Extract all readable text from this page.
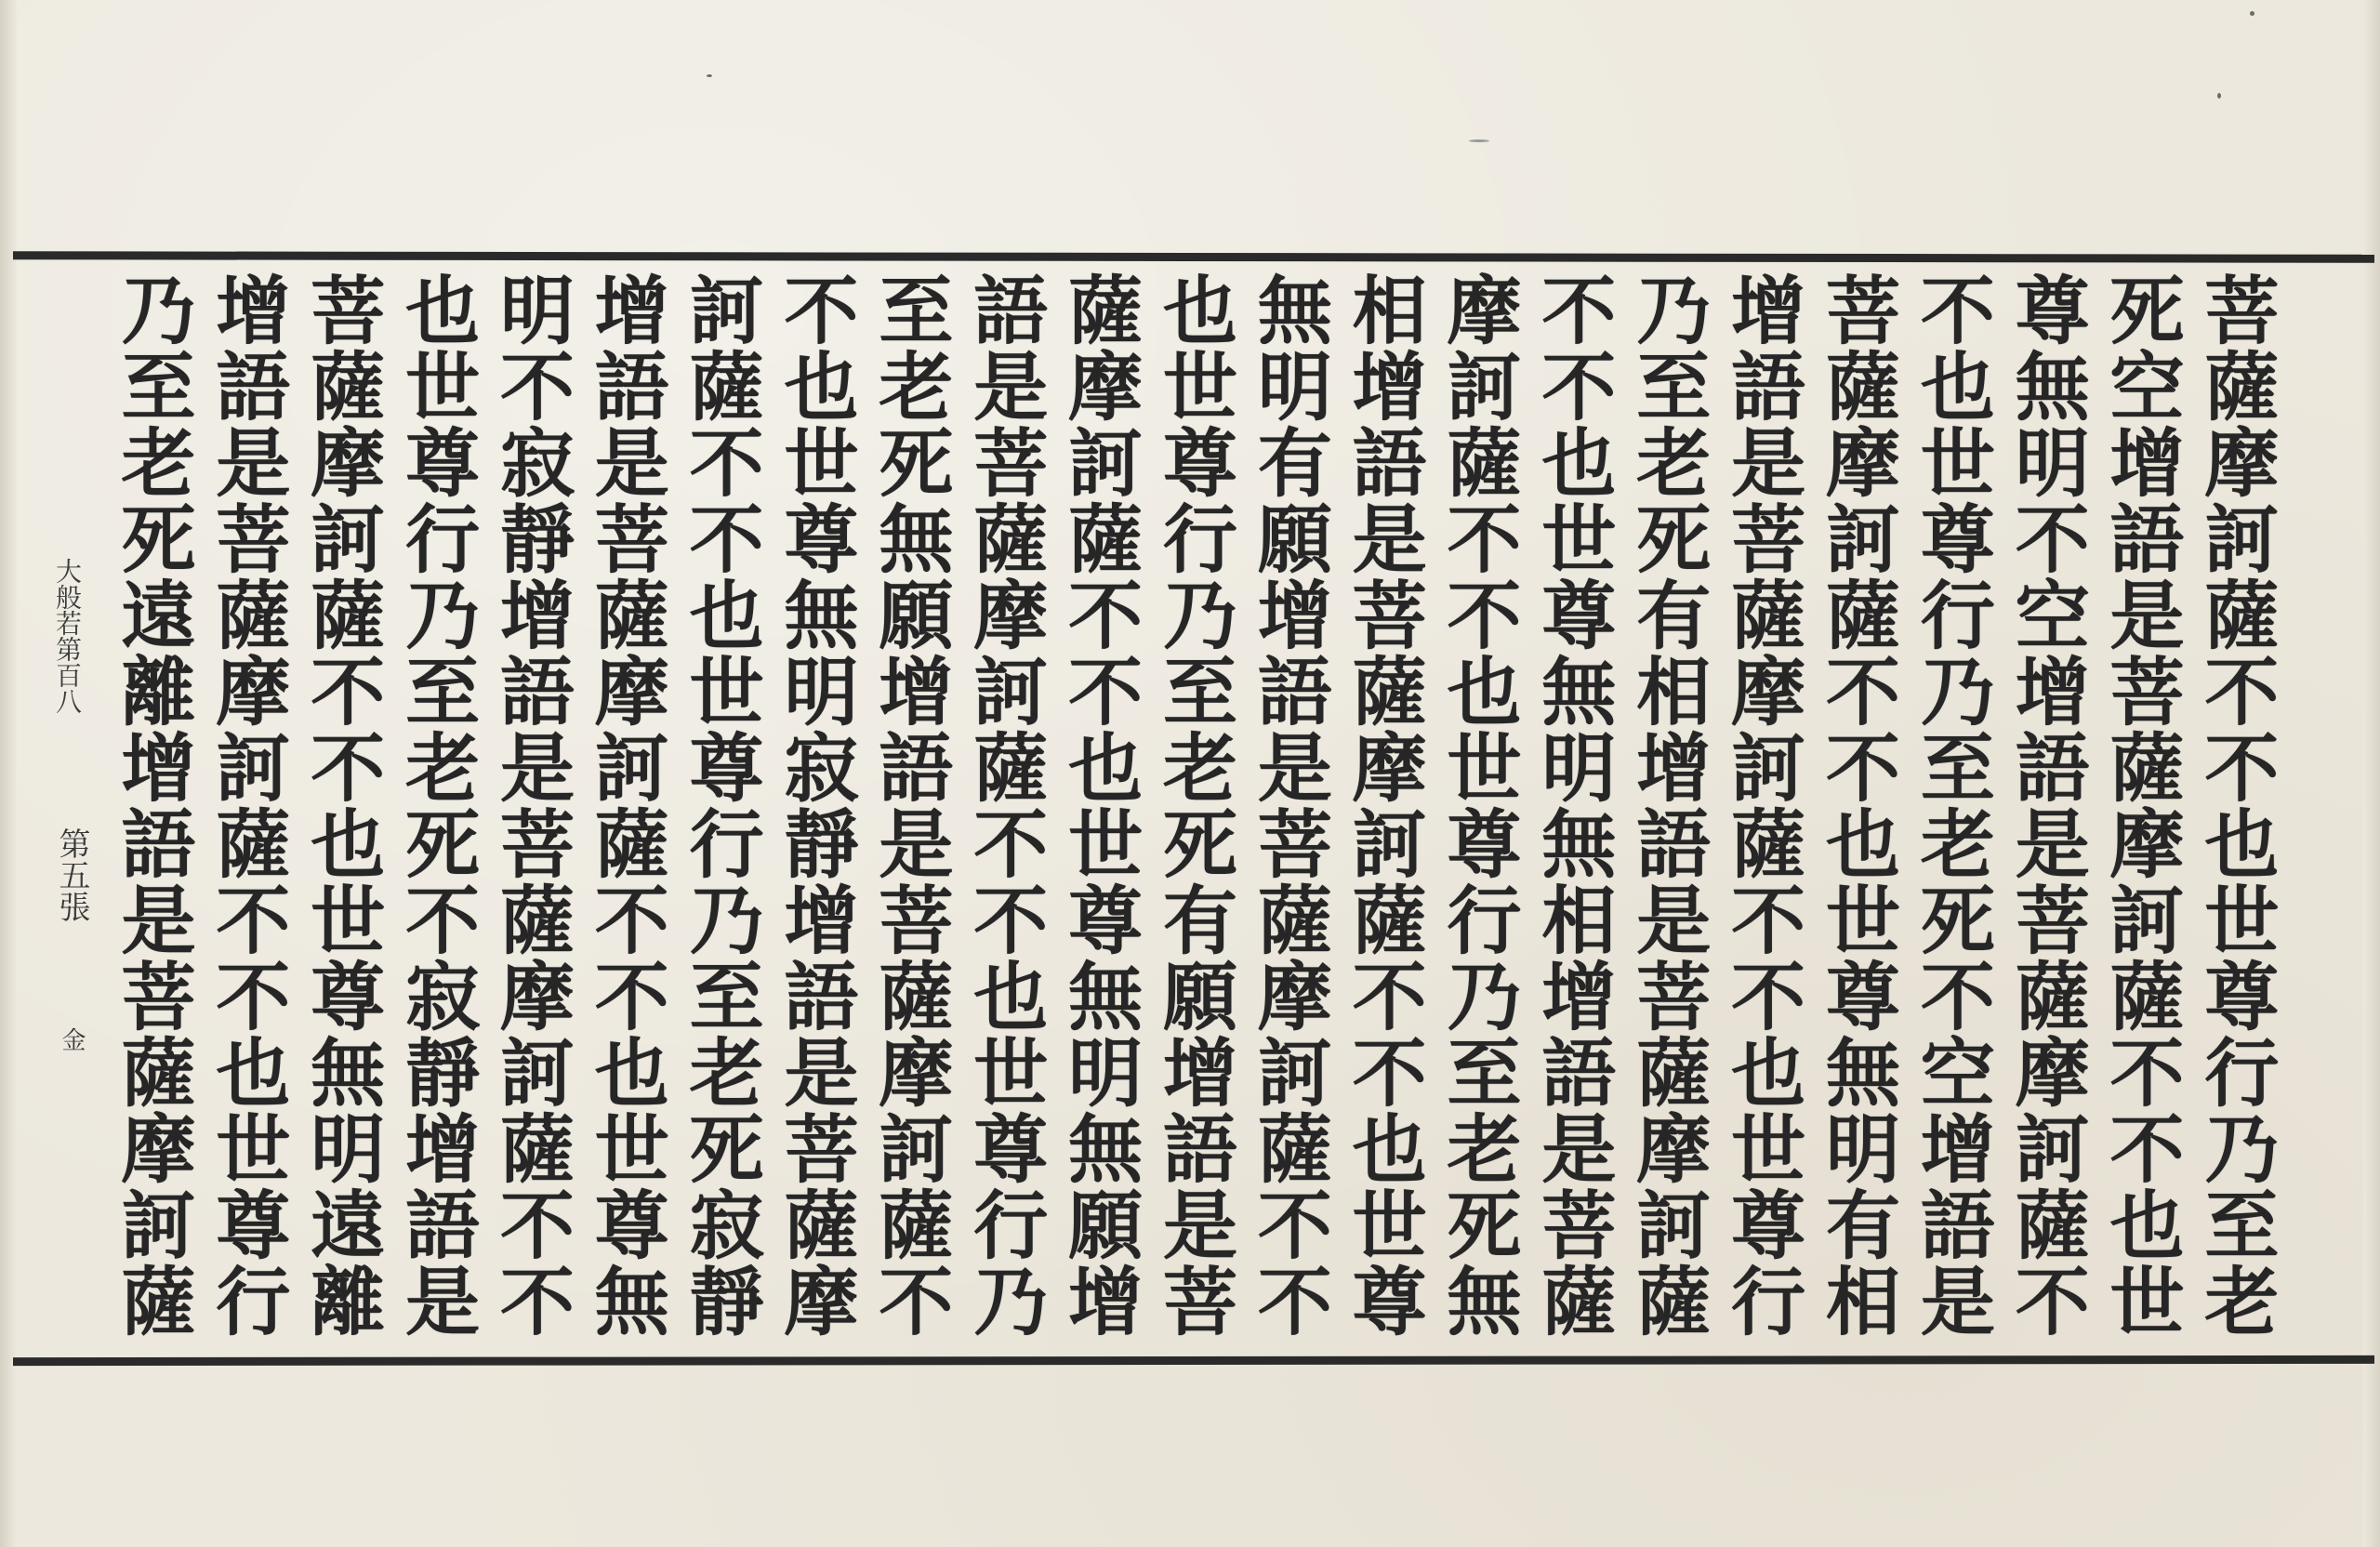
菩薩摩訶薩不不也世尊行乃至老
死空增語是菩薩摩訶薩不不也世
尊無明不空增語是菩薩摩訶薩不
不也世尊行乃至老死不空增語是
菩薩摩訶薩不不也世尊無明有相
增語是菩薩摩訶薩不不也世尊行
乃至老死有相增語是菩薩摩訶薩
不不也世尊無明無相增語是菩薩
摩訶薩不不也世尊行乃至老死無
相增語是菩薩摩訶薩不不也世尊
無明有願增語是菩薩摩訶薩不不
也世尊行乃至老死有願增語是菩
薩摩訶薩不不也世尊無明無願增
語是菩薩摩訶薩不不也世尊行乃
至老死無願增語是菩薩摩訶薩不
不也世尊無明寂靜增語是菩薩摩
訶薩不不也世尊行乃至老死寂靜
增語是菩薩摩訶薩不不也世尊無
明不寂靜增語是菩薩摩訶薩不不
也世尊行乃至老死不寂靜增語是
菩薩摩訶薩不不也世尊無明遠離
增語是菩薩摩訶薩不不也世尊行
乃至老死遠離增語是菩薩摩訶薩
大般若第百八
第五張
金
